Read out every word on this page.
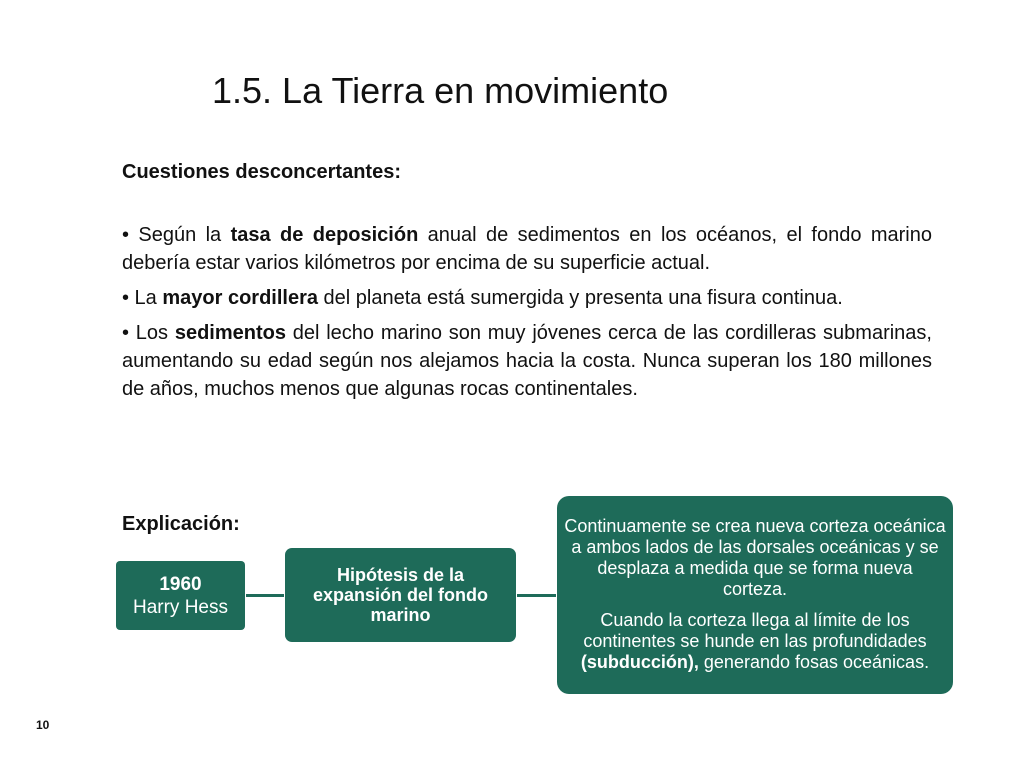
1.5. La Tierra en movimiento
Cuestiones desconcertantes:

• Según la tasa de deposición anual de sedimentos en los océanos, el fondo marino debería estar varios kilómetros por encima de su superficie actual.

• La mayor cordillera del planeta está sumergida y presenta una fisura continua.

• Los sedimentos del lecho marino son muy jóvenes cerca de las cordilleras submarinas, aumentando su edad según nos alejamos hacia la costa. Nunca superan los 180 millones de años, muchos menos que algunas rocas continentales.

Explicación:
1960
Harry Hess
Hipótesis de la expansión del fondo marino

Continuamente se crea nueva corteza oceánica a ambos lados de las dorsales oceánicas y se desplaza a medida que se forma nueva corteza.

Cuando la corteza llega al límite de los continentes se hunde en las profundidades (subducción), generando fosas oceánicas.

10
